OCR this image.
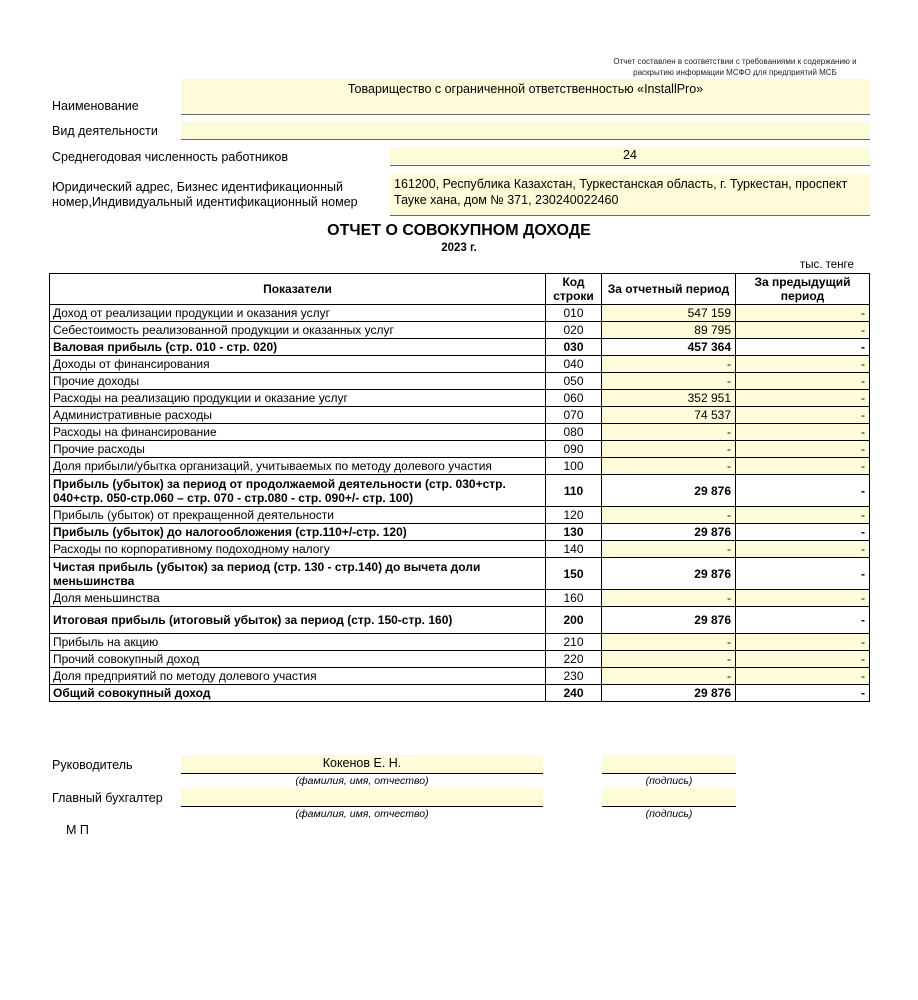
Отчет составлен в соответствии с требованиями к содержанию и раскрытию информации МСФО для предприятий МСБ
Наименование
Товарищество с ограниченной ответственностью «InstallPro»
Вид деятельности
Среднегодовая численность работников	24
Юридический адрес, Бизнес идентификационный номер,Индивидуальный идентификационный номер
161200, Республика Казахстан, Туркестанская область, г. Туркестан, проспект Тауке хана, дом № 371, 230240022460
ОТЧЕТ О СОВОКУПНОМ ДОХОДЕ
2023 г.
тыс. тенге
Показатели	Код строки	За отчетный период	За предыдущий период
Доход от реализации продукции и оказания услуг	010	547 159	-
Себестоимость реализованной продукции и оказанных услуг	020	89 795	-
Валовая прибыль (стр. 010 - стр. 020)	030	457 364	-
Доходы от финансирования	040	-	-
Прочие доходы	050	-	-
Расходы на реализацию продукции и оказание услуг	060	352 951	-
Административные расходы	070	74 537	-
Расходы на финансирование	080	-	-
Прочие расходы	090	-	-
Доля прибыли/убытка организаций, учитываемых по методу долевого участия	100	-	-
Прибыль (убыток) за период от продолжаемой деятельности (стр. 030+стр. 040+стр. 050-стр.060 – стр. 070 - стр.080 - стр. 090+/- стр. 100)	110	29 876	-
Прибыль (убыток) от прекращенной деятельности	120	-	-
Прибыль (убыток) до налогообложения (стр.110+/-стр. 120)	130	29 876	-
Расходы по корпоративному подоходному налогу	140	-	-
Чистая прибыль (убыток) за период (стр. 130 - стр.140) до вычета доли меньшинства	150	29 876	-
Доля меньшинства	160	-	-
Итоговая прибыль (итоговый убыток) за период (стр. 150-стр. 160)	200	29 876	-
Прибыль на акцию	210	-	-
Прочий совокупный доход	220	-	-
Доля предприятий по методу долевого участия	230	-	-
Общий совокупный доход	240	29 876	-
Руководитель	Кокенов Е. Н.
(фамилия, имя, отчество)	(подпись)
Главный бухгалтер
(фамилия, имя, отчество)	(подпись)
М П
